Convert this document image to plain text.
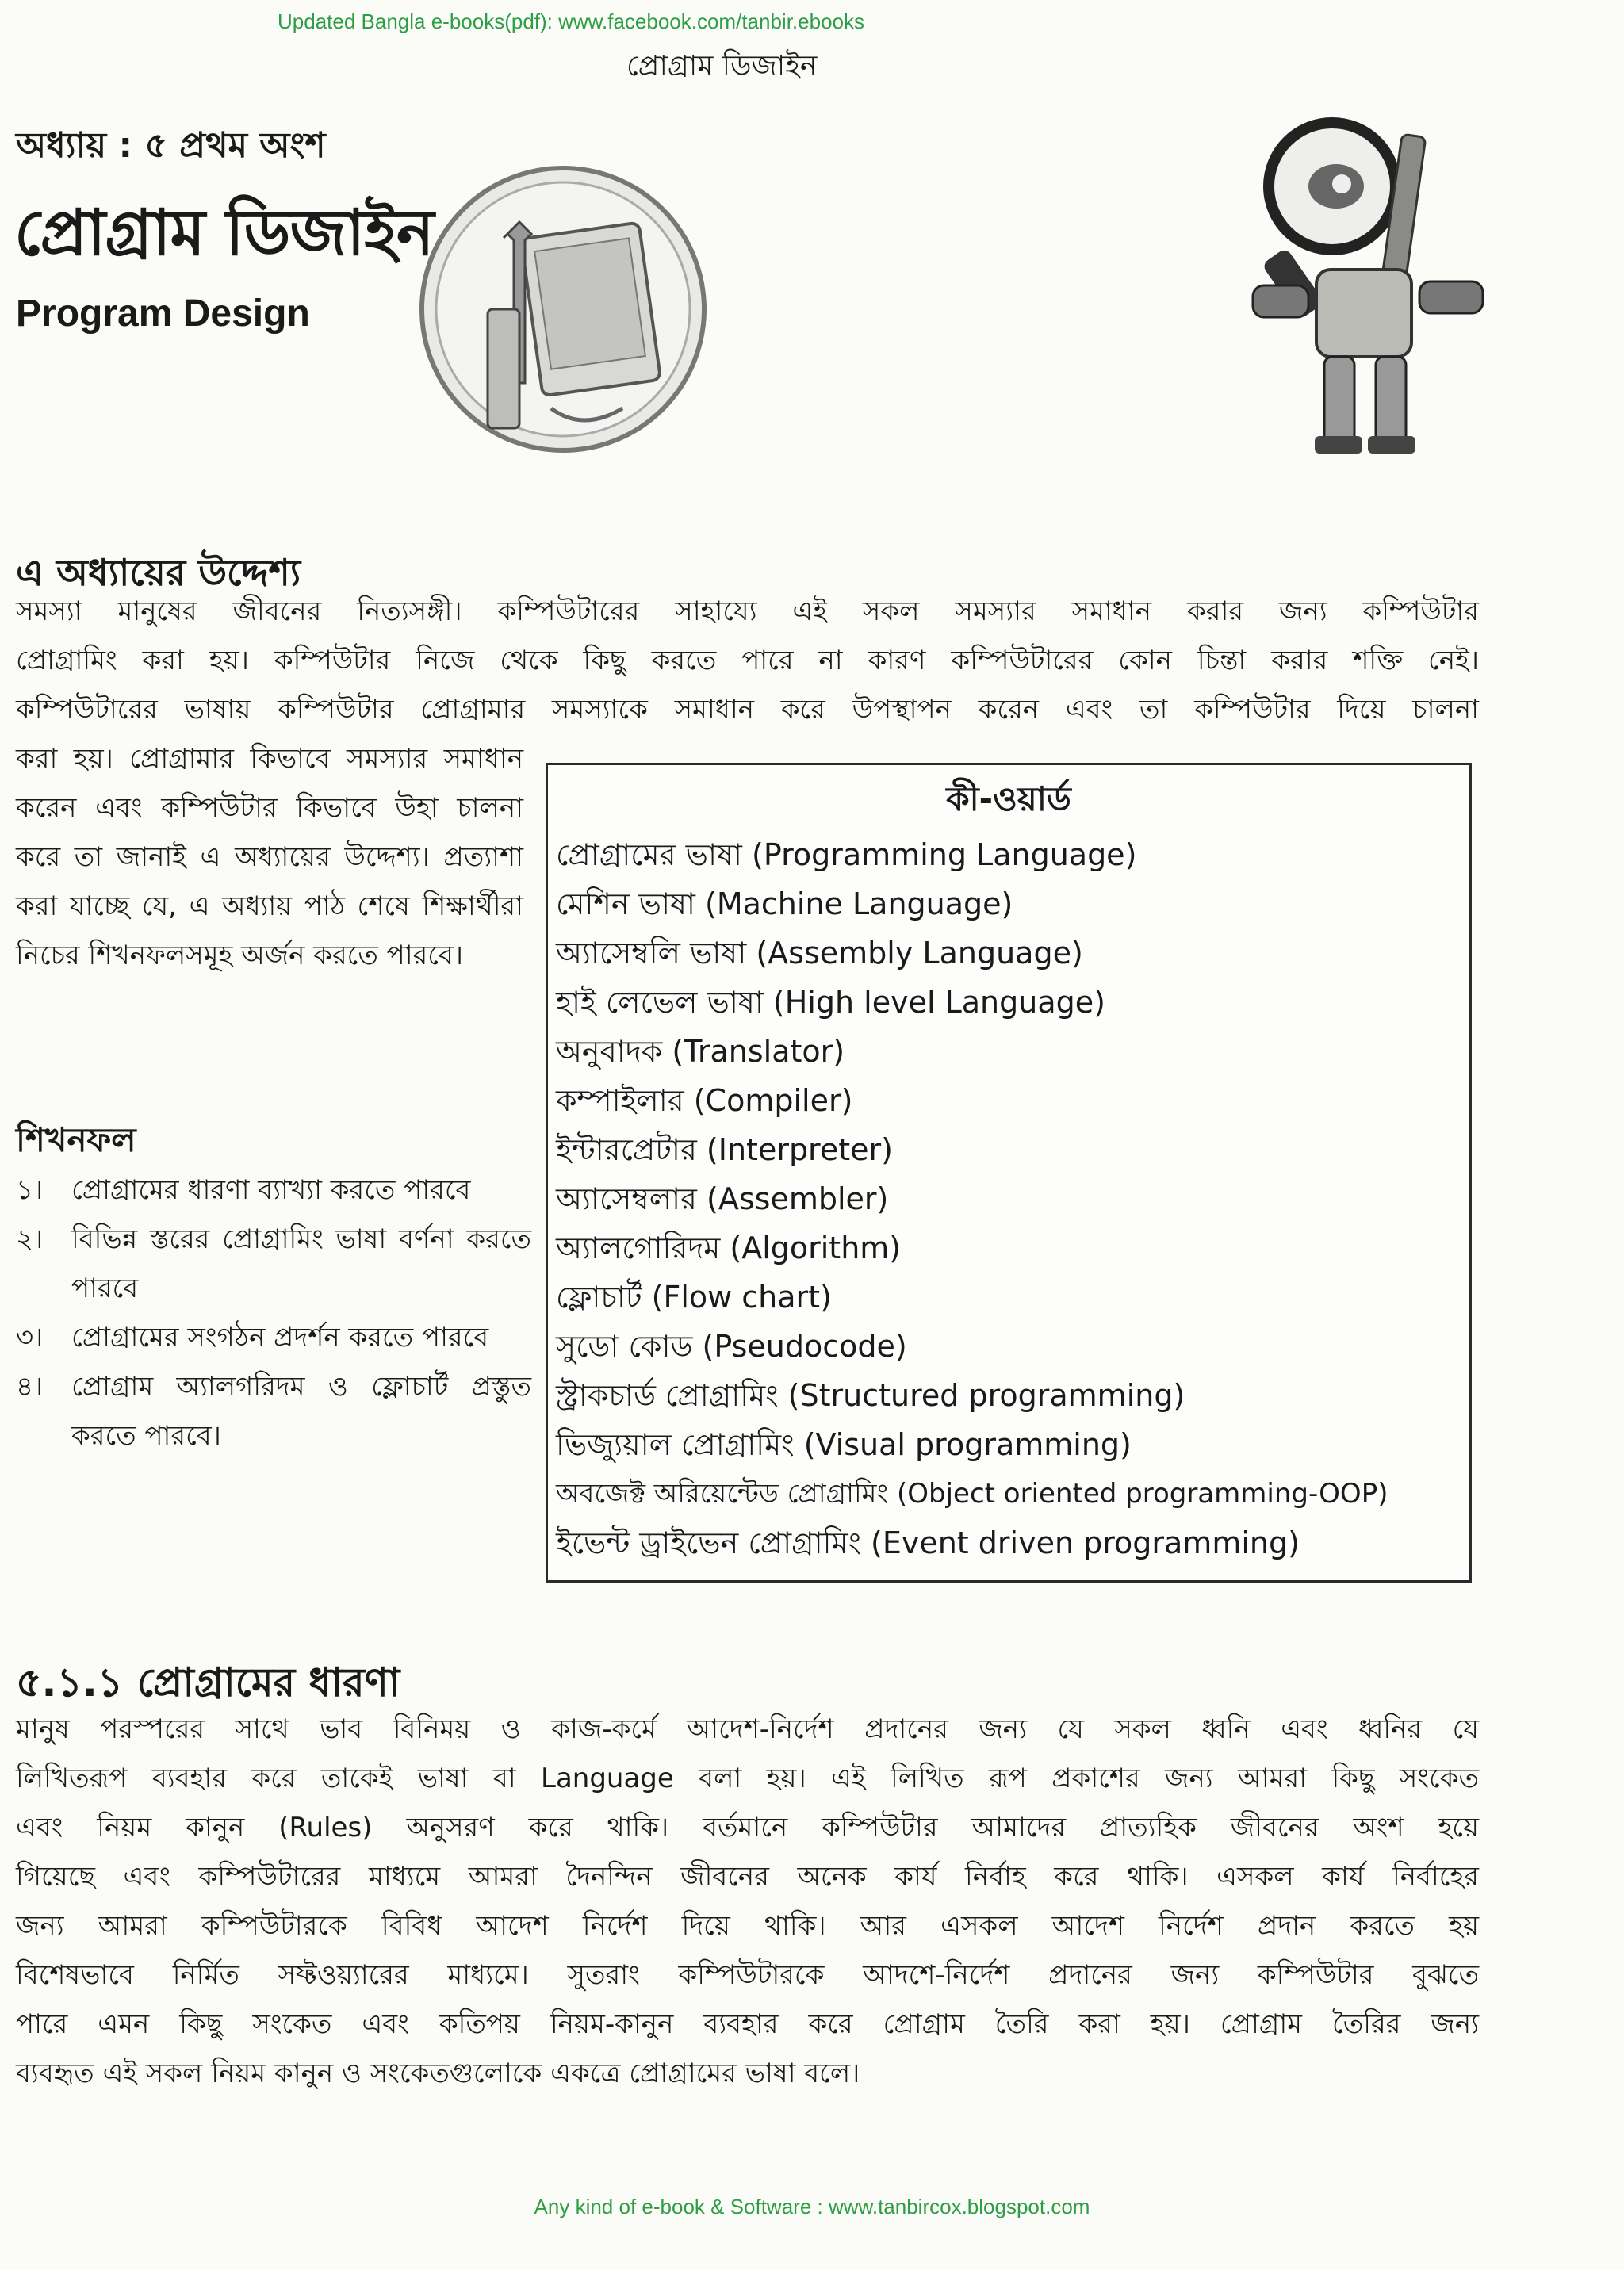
Updated Bangla e-books(pdf): www.facebook.com/tanbir.ebooks
প্রোগ্রাম ডিজাইন
অধ্যায় : ৫ প্রথম অংশ
প্রোগ্রাম ডিজাইন
Program Design
এ অধ্যায়ের উদ্দেশ্য
সমস্যা মানুষের জীবনের নিত্যসঙ্গী। কম্পিউটারের সাহায্যে এই সকল সমস্যার সমাধান করার জন্য কম্পিউটার
প্রোগ্রামিং করা হয়। কম্পিউটার নিজে থেকে কিছু করতে পারে না কারণ কম্পিউটারের কোন চিন্তা করার শক্তি নেই।
কম্পিউটারের ভাষায় কম্পিউটার প্রোগ্রামার সমস্যাকে সমাধান করে উপস্থাপন করেন এবং তা কম্পিউটার দিয়ে চালনা
করা হয়। প্রোগ্রামার কিভাবে সমস্যার সমাধান করেন এবং কম্পিউটার কিভাবে উহা চালনা করে তা জানাই এ অধ্যায়ের উদ্দেশ্য। প্রত্যাশা করা যাচ্ছে যে, এ অধ্যায় পাঠ শেষে শিক্ষার্থীরা নিচের শিখনফলসমূহ অর্জন করতে পারবে।
শিখনফল
১।	প্রোগ্রামের ধারণা ব্যাখ্যা করতে পারবে
২।	বিভিন্ন স্তরের প্রোগ্রামিং ভাষা বর্ণনা করতে পারবে
৩।	প্রোগ্রামের সংগঠন প্রদর্শন করতে পারবে
৪।	প্রোগ্রাম অ্যালগরিদম ও ফ্লোচার্ট প্রস্তুত করতে পারবে।
কী-ওয়ার্ড
প্রোগ্রামের ভাষা (Programming Language)
মেশিন ভাষা (Machine Language)
অ্যাসেম্বলি ভাষা (Assembly Language)
হাই লেভেল ভাষা (High level Language)
অনুবাদক (Translator)
কম্পাইলার (Compiler)
ইন্টারপ্রেটার (Interpreter)
অ্যাসেম্বলার (Assembler)
অ্যালগোরিদম (Algorithm)
ফ্লোচার্ট (Flow chart)
সুডো কোড (Pseudocode)
স্ট্রাকচার্ড প্রোগ্রামিং (Structured programming)
ভিজ্যুয়াল প্রোগ্রামিং (Visual programming)
অবজেক্ট অরিয়েন্টেড প্রোগ্রামিং (Object oriented programming-OOP)
ইভেন্ট ড্রাইভেন প্রোগ্রামিং (Event driven programming)
৫.১.১ প্রোগ্রামের ধারণা
মানুষ পরস্পরের সাথে ভাব বিনিময় ও কাজ-কর্মে আদেশ-নির্দেশ প্রদানের জন্য যে সকল ধ্বনি এবং ধ্বনির যে
লিখিতরূপ ব্যবহার করে তাকেই ভাষা বা Language বলা হয়। এই লিখিত রূপ প্রকাশের জন্য আমরা কিছু সংকেত
এবং নিয়ম কানুন (Rules) অনুসরণ করে থাকি। বর্তমানে কম্পিউটার আমাদের প্রাত্যহিক জীবনের অংশ হয়ে
গিয়েছে এবং কম্পিউটারের মাধ্যমে আমরা দৈনন্দিন জীবনের অনেক কার্য নির্বাহ করে থাকি। এসকল কার্য নির্বাহের
জন্য আমরা কম্পিউটারকে বিবিধ আদেশ নির্দেশ দিয়ে থাকি। আর এসকল আদেশ নির্দেশ প্রদান করতে হয়
বিশেষভাবে নির্মিত সফ্টওয়্যারের মাধ্যমে। সুতরাং কম্পিউটারকে আদশে-নির্দেশ প্রদানের জন্য কম্পিউটার বুঝতে
পারে এমন কিছু সংকেত এবং কতিপয় নিয়ম-কানুন ব্যবহার করে প্রোগ্রাম তৈরি করা হয়। প্রোগ্রাম তৈরির জন্য
ব্যবহৃত এই সকল নিয়ম কানুন ও সংকেতগুলোকে একত্রে প্রোগ্রামের ভাষা বলে।
Any kind of e-book & Software : www.tanbircox.blogspot.com
